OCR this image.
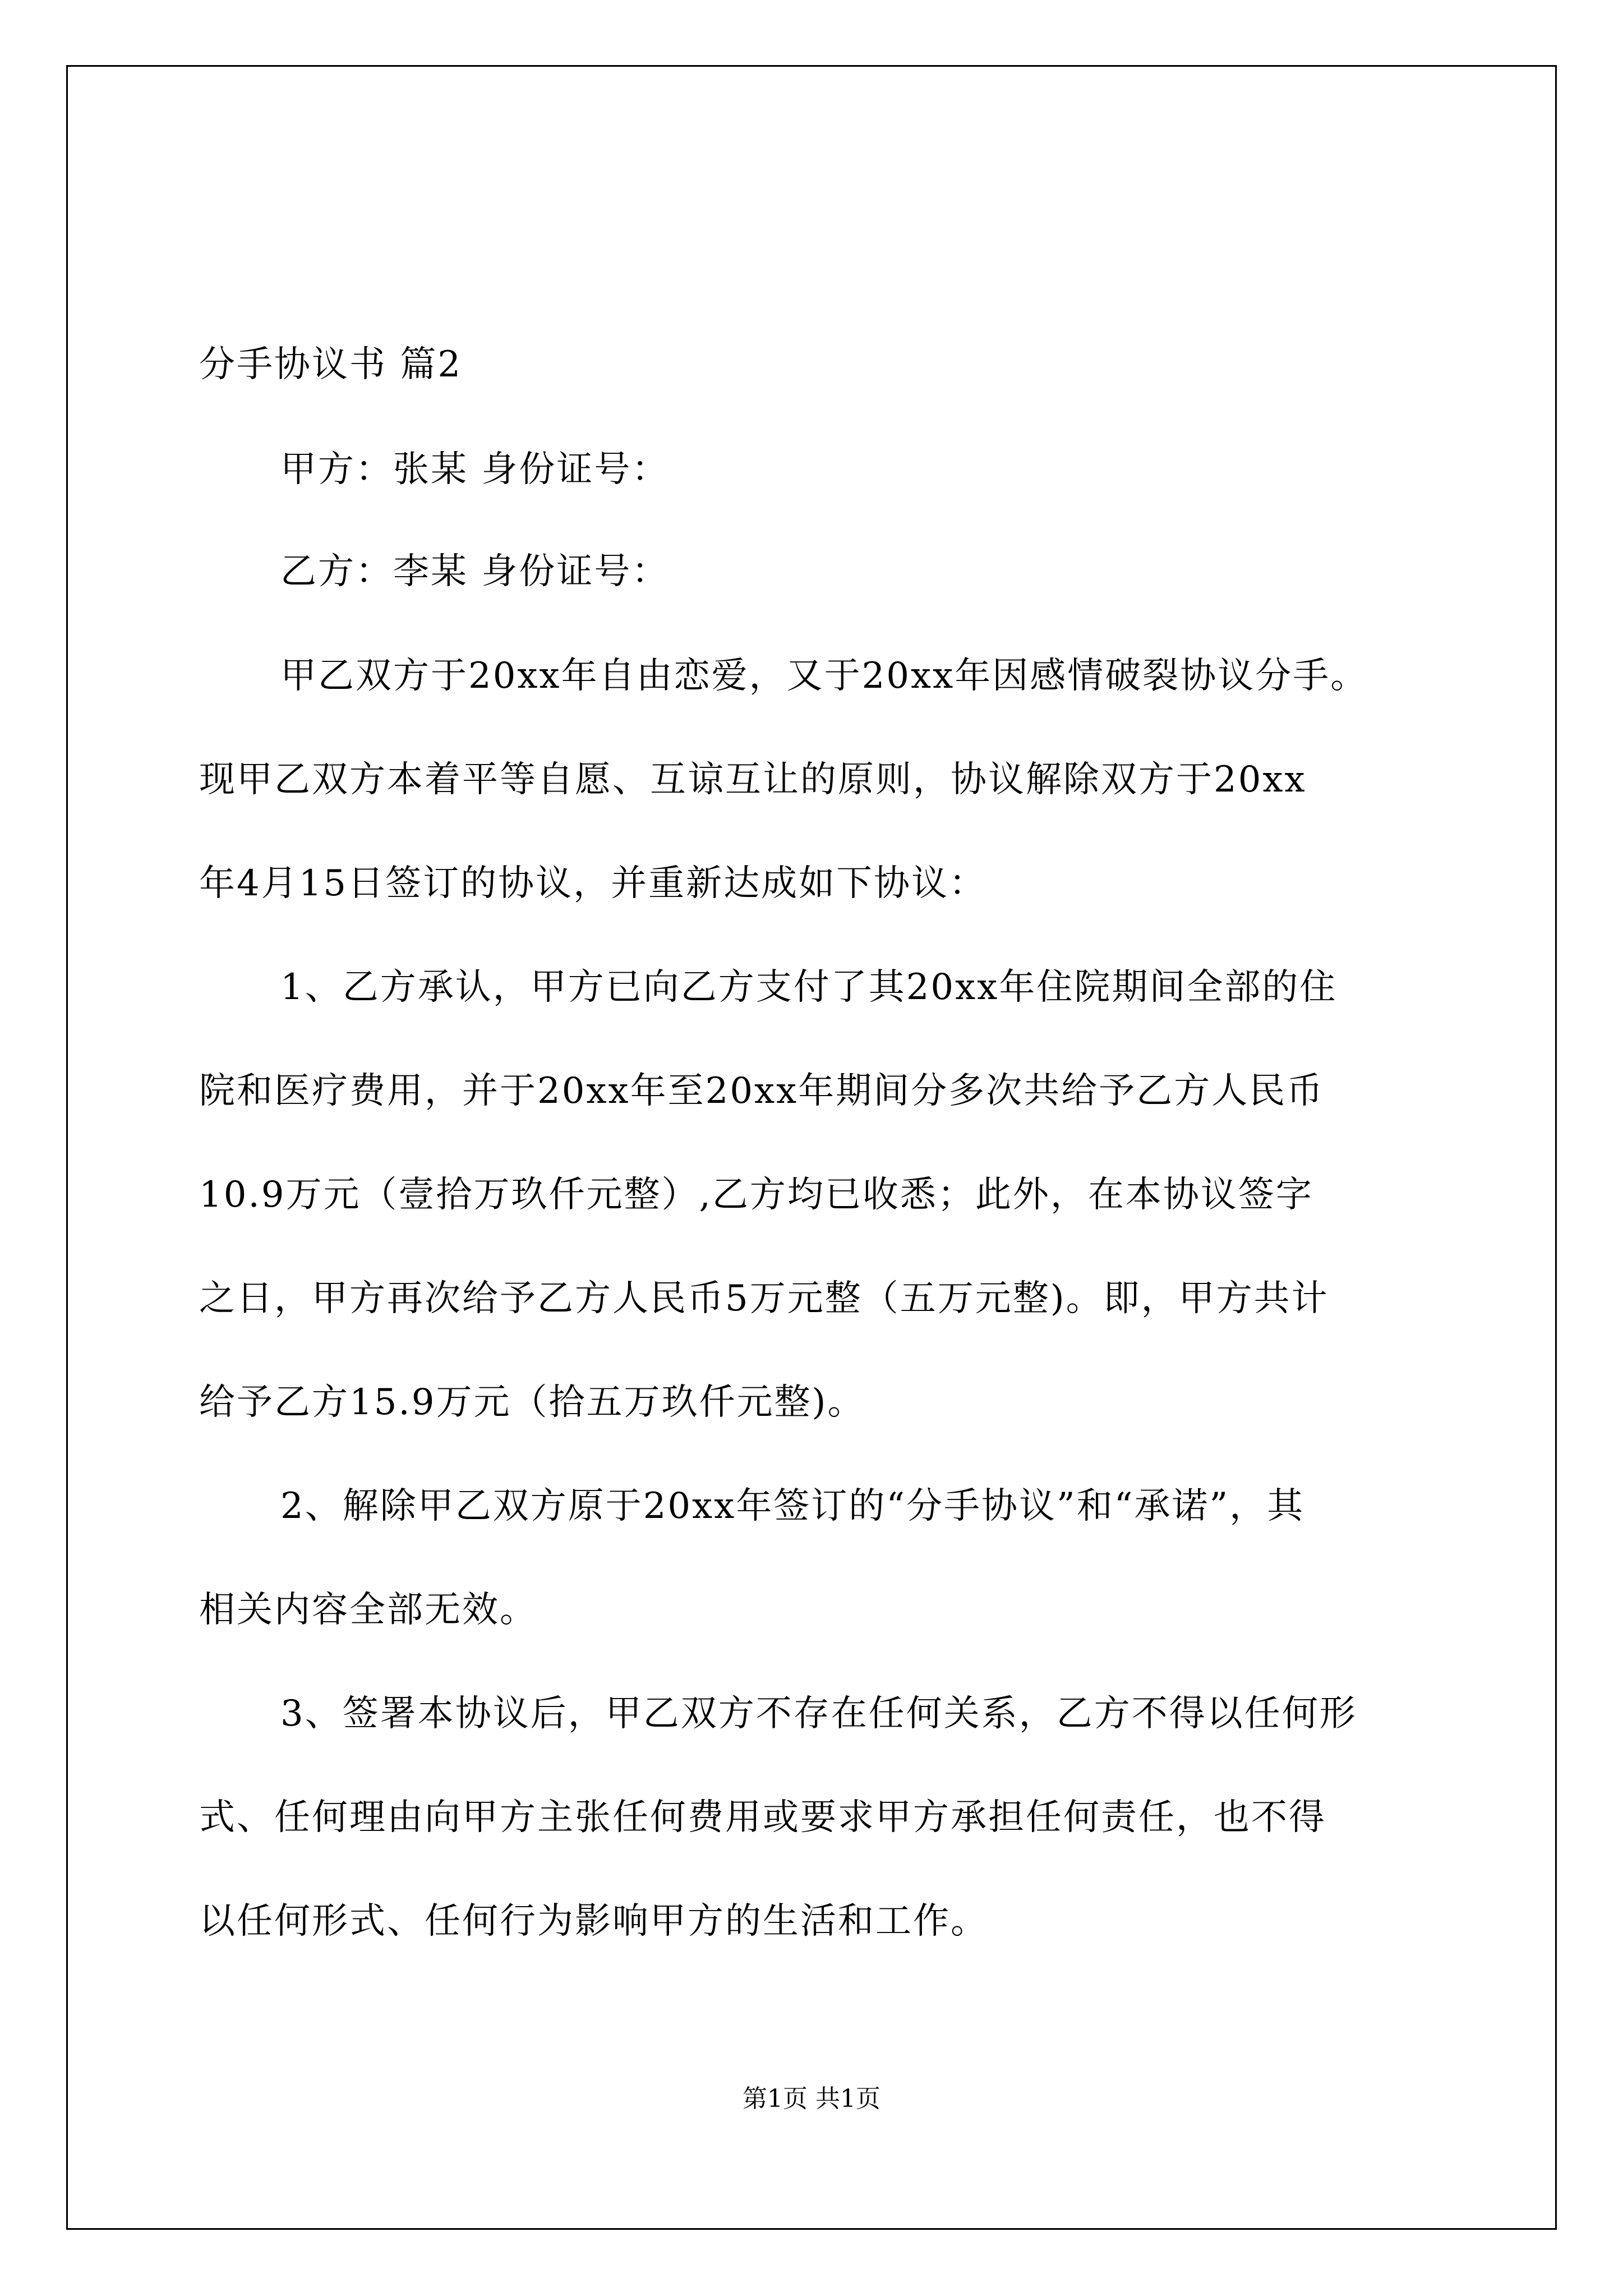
分手协议书 篇2
甲方：张某 身份证号：
乙方：李某 身份证号：
甲乙双方于20xx年自由恋爱，又于20xx年因感情破裂协议分手。
现甲乙双方本着平等自愿、互谅互让的原则，协议解除双方于20xx
年4月15日签订的协议，并重新达成如下协议：
1、乙方承认，甲方已向乙方支付了其20xx年住院期间全部的住
院和医疗费用，并于20xx年至20xx年期间分多次共给予乙方人民币
10.9万元（壹拾万玖仟元整）,乙方均已收悉；此外，在本协议签字
之日，甲方再次给予乙方人民币5万元整（五万元整)。即，甲方共计
给予乙方15.9万元（拾五万玖仟元整)。
2、解除甲乙双方原于20xx年签订的“分手协议”和“承诺”，其
相关内容全部无效。
3、签署本协议后，甲乙双方不存在任何关系，乙方不得以任何形
式、任何理由向甲方主张任何费用或要求甲方承担任何责任，也不得
以任何形式、任何行为影响甲方的生活和工作。
第1页 共1页
